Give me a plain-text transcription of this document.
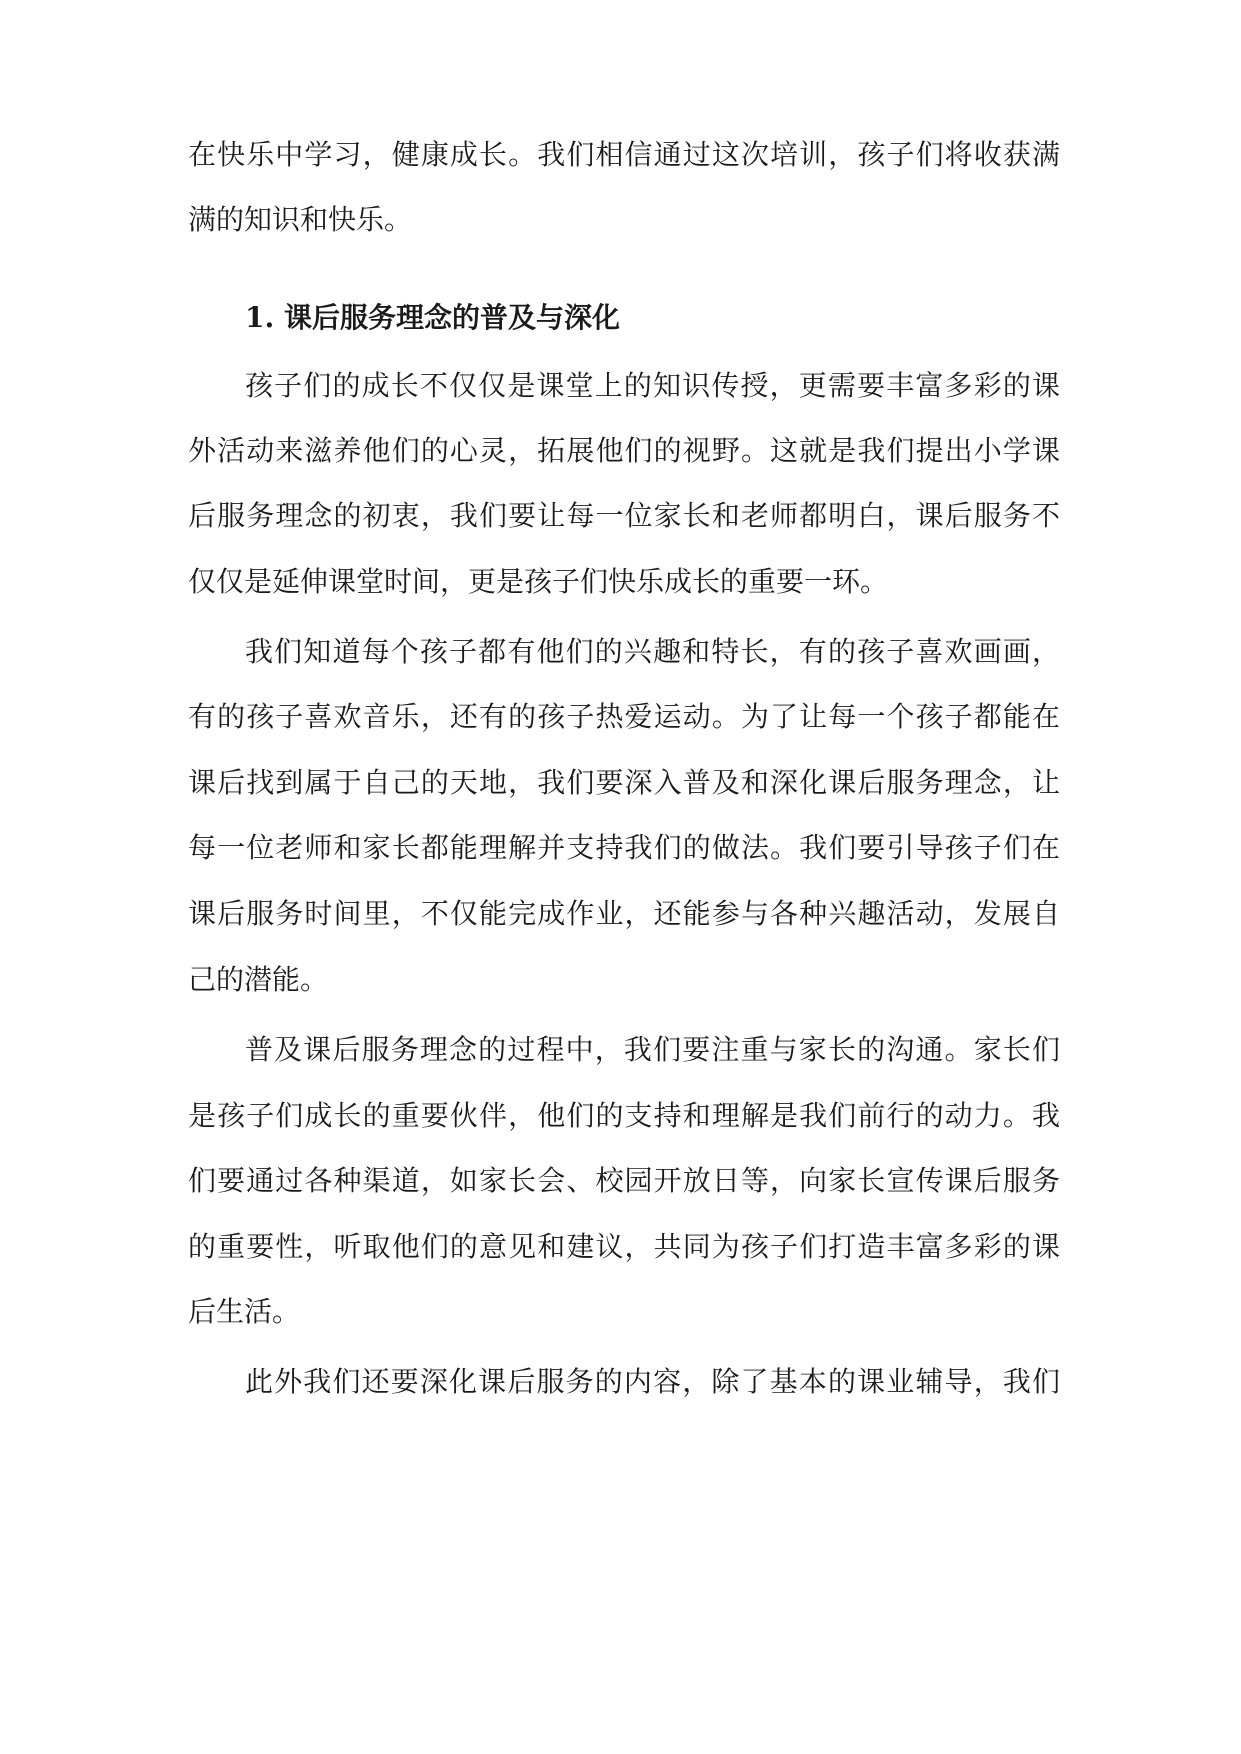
在快乐中学习，健康成长。我们相信通过这次培训，孩子们将收获满
满的知识和快乐。
1. 课后服务理念的普及与深化
孩子们的成长不仅仅是课堂上的知识传授，更需要丰富多彩的课
外活动来滋养他们的心灵，拓展他们的视野。这就是我们提出小学课
后服务理念的初衷，我们要让每一位家长和老师都明白，课后服务不
仅仅是延伸课堂时间，更是孩子们快乐成长的重要一环。
我们知道每个孩子都有他们的兴趣和特长，有的孩子喜欢画画，
有的孩子喜欢音乐，还有的孩子热爱运动。为了让每一个孩子都能在
课后找到属于自己的天地，我们要深入普及和深化课后服务理念，让
每一位老师和家长都能理解并支持我们的做法。我们要引导孩子们在
课后服务时间里，不仅能完成作业，还能参与各种兴趣活动，发展自
己的潜能。
普及课后服务理念的过程中，我们要注重与家长的沟通。家长们
是孩子们成长的重要伙伴，他们的支持和理解是我们前行的动力。我
们要通过各种渠道，如家长会、校园开放日等，向家长宣传课后服务
的重要性，听取他们的意见和建议，共同为孩子们打造丰富多彩的课
后生活。
此外我们还要深化课后服务的内容，除了基本的课业辅导，我们
